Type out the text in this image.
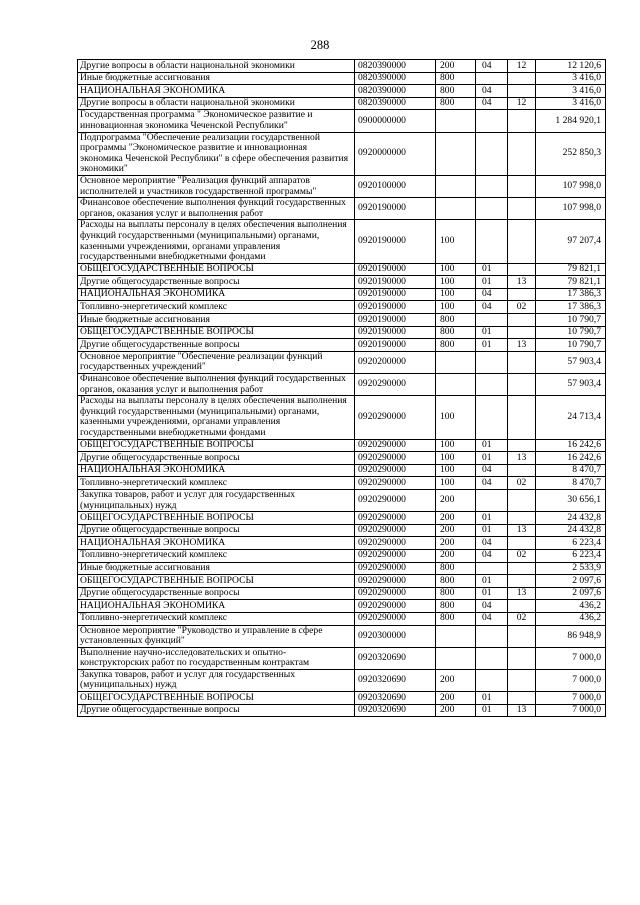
288
Другие вопросы в области национальной экономики	0820390000	200	04	12	12 120,6
Иные бюджетные ассигнования	0820390000	800			3 416,0
НАЦИОНАЛЬНАЯ ЭКОНОМИКА	0820390000	800	04		3 416,0
Другие вопросы в области национальной экономики	0820390000	800	04	12	3 416,0
Государственная программа " Экономическое развитие и инновационная экономика Чеченской Республики"	0900000000				1 284 920,1
Подпрограмма "Обеспечение реализации государственной программы "Экономическое развитие и инновационная экономика Чеченской Республики" в сфере обеспечения развития экономики"	0920000000				252 850,3
Основное мероприятие "Реализация функций аппаратов исполнителей и участников государственной программы"	0920100000				107 998,0
Финансовое обеспечение выполнения функций государственных органов, оказания услуг и выполнения работ	0920190000				107 998,0
Расходы на выплаты персоналу в целях обеспечения выполнения функций государственными (муниципальными) органами, казенными учреждениями, органами управления государственными внебюджетными фондами	0920190000	100			97 207,4
ОБЩЕГОСУДАРСТВЕННЫЕ ВОПРОСЫ	0920190000	100	01		79 821,1
Другие общегосударственные вопросы	0920190000	100	01	13	79 821,1
НАЦИОНАЛЬНАЯ ЭКОНОМИКА	0920190000	100	04		17 386,3
Топливно-энергетический комплекс	0920190000	100	04	02	17 386,3
Иные бюджетные ассигнования	0920190000	800			10 790,7
ОБЩЕГОСУДАРСТВЕННЫЕ ВОПРОСЫ	0920190000	800	01		10 790,7
Другие общегосударственные вопросы	0920190000	800	01	13	10 790,7
Основное мероприятие "Обеспечение реализации функций государственных учреждений"	0920200000				57 903,4
Финансовое обеспечение выполнения функций государственных органов, оказания услуг и выполнения работ	0920290000				57 903,4
Расходы на выплаты персоналу в целях обеспечения выполнения функций государственными (муниципальными) органами, казенными учреждениями, органами управления государственными внебюджетными фондами	0920290000	100			24 713,4
ОБЩЕГОСУДАРСТВЕННЫЕ ВОПРОСЫ	0920290000	100	01		16 242,6
Другие общегосударственные вопросы	0920290000	100	01	13	16 242,6
НАЦИОНАЛЬНАЯ ЭКОНОМИКА	0920290000	100	04		8 470,7
Топливно-энергетический комплекс	0920290000	100	04	02	8 470,7
Закупка товаров, работ и услуг для государственных (муниципальных) нужд	0920290000	200			30 656,1
ОБЩЕГОСУДАРСТВЕННЫЕ ВОПРОСЫ	0920290000	200	01		24 432,8
Другие общегосударственные вопросы	0920290000	200	01	13	24 432,8
НАЦИОНАЛЬНАЯ ЭКОНОМИКА	0920290000	200	04		6 223,4
Топливно-энергетический комплекс	0920290000	200	04	02	6 223,4
Иные бюджетные ассигнования	0920290000	800			2 533,9
ОБЩЕГОСУДАРСТВЕННЫЕ ВОПРОСЫ	0920290000	800	01		2 097,6
Другие общегосударственные вопросы	0920290000	800	01	13	2 097,6
НАЦИОНАЛЬНАЯ ЭКОНОМИКА	0920290000	800	04		436,2
Топливно-энергетический комплекс	0920290000	800	04	02	436,2
Основное мероприятие "Руководство и управление в сфере установленных функций"	0920300000				86 948,9
Выполнение научно-исследовательских и опытно-конструкторских работ по государственным контрактам	0920320690				7 000,0
Закупка товаров, работ и услуг для государственных (муниципальных) нужд	0920320690	200			7 000,0
ОБЩЕГОСУДАРСТВЕННЫЕ ВОПРОСЫ	0920320690	200	01		7 000,0
Другие общегосударственные вопросы	0920320690	200	01	13	7 000,0
